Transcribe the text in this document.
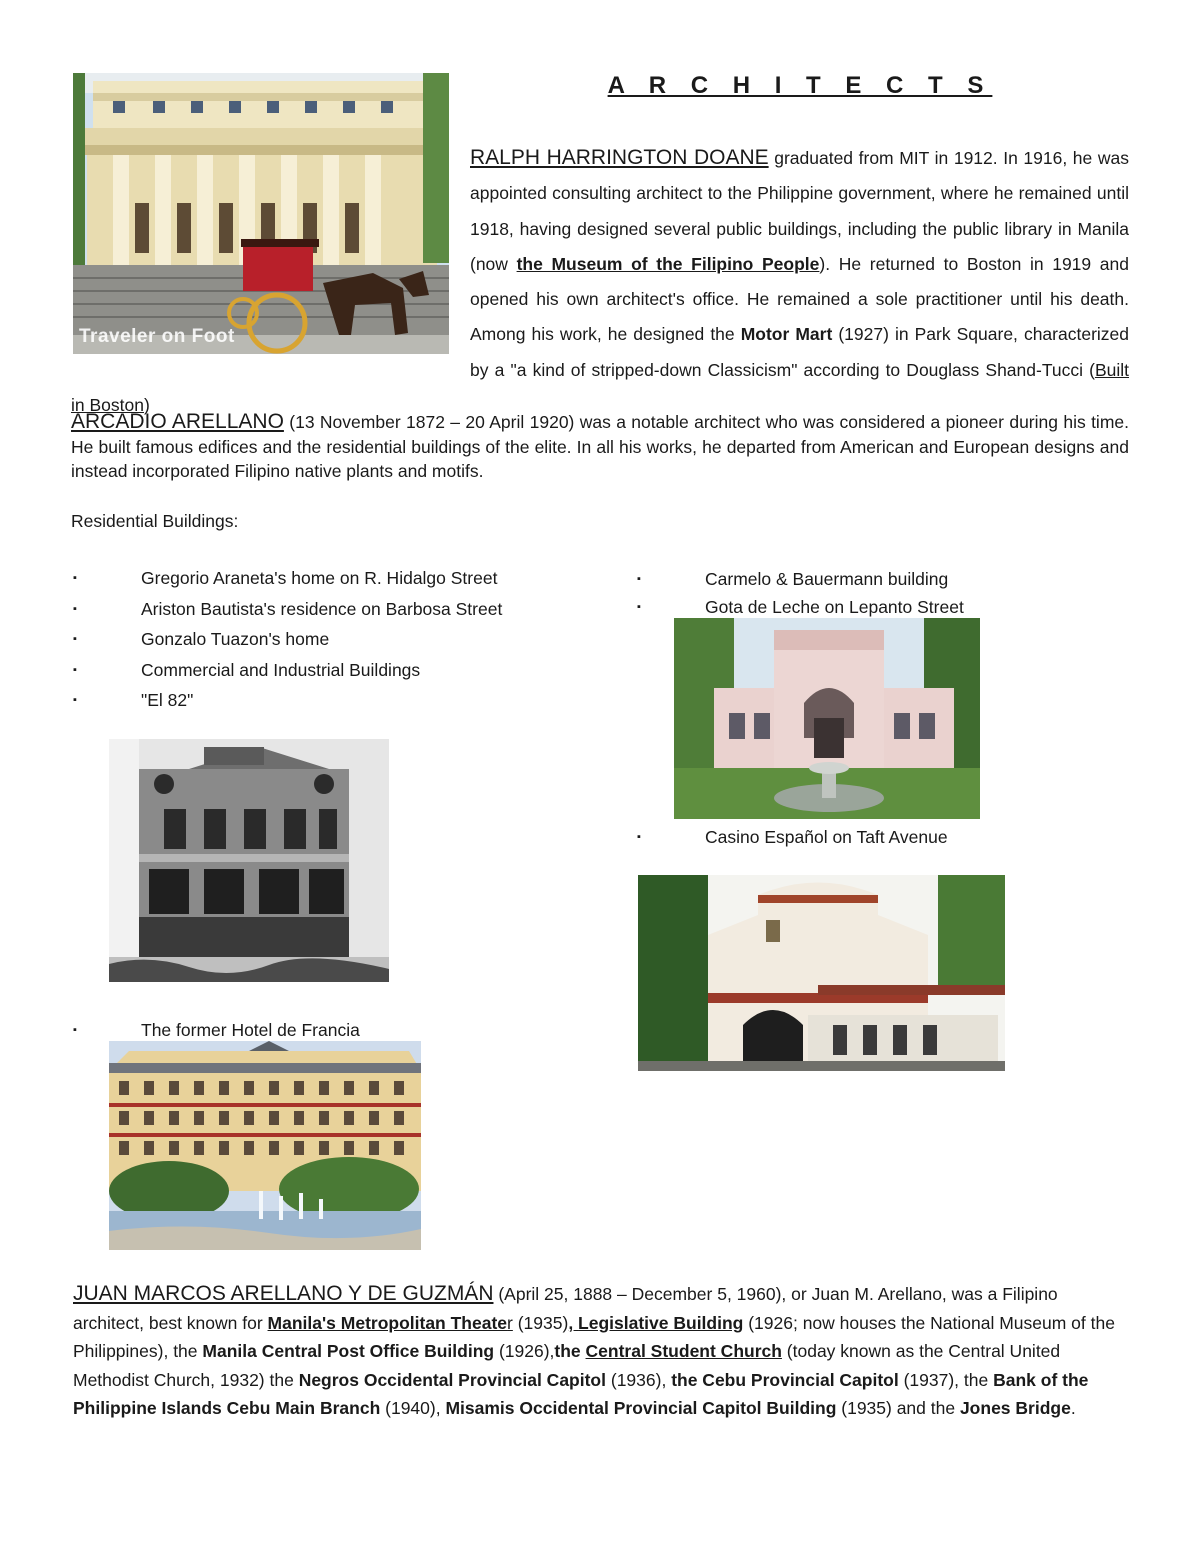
Traveler on Foot
A R C H I T E C T S
RALPH HARRINGTON DOANE graduated from MIT in 1912. In 1916, he was appointed consulting architect to the Philippine government, where he remained until 1918, having designed several public buildings, including the public library in Manila (now the Museum of the Filipino People). He returned to Boston in 1919 and opened his own architect's office. He remained a sole practitioner until his death. Among his work, he designed the Motor Mart (1927) in Park Square, characterized by a "a kind of stripped-down Classicism" according to Douglass Shand-Tucci (Built in Boston)
ARCADIO ARELLANO (13 November 1872 – 20 April 1920) was a notable architect who was considered a pioneer during his time. He built famous edifices and the residential buildings of the elite. In all his works, he departed from American and European designs and instead incorporated Filipino native plants and motifs.
Residential Buildings:
▪	Gregorio Araneta's home on R. Hidalgo Street
▪	Ariston Bautista's residence on Barbosa Street
▪	Gonzalo Tuazon's home
▪	Commercial and Industrial Buildings
▪	"El 82"
▪	Carmelo & Bauermann building
▪	Gota de Leche on Lepanto Street
▪	Casino Español on Taft Avenue
▪	The former Hotel de Francia
JUAN MARCOS ARELLANO Y DE GUZMÁN (April 25, 1888 – December 5, 1960), or Juan M. Arellano, was a Filipino architect, best known for Manila's Metropolitan Theater (1935), Legislative Building (1926; now houses the National Museum of the Philippines), the Manila Central Post Office Building (1926),the Central Student Church (today known as the Central United Methodist Church, 1932) the Negros Occidental Provincial Capitol (1936), the Cebu Provincial Capitol (1937), the Bank of the Philippine Islands Cebu Main Branch (1940), Misamis Occidental Provincial Capitol Building (1935) and the Jones Bridge.
